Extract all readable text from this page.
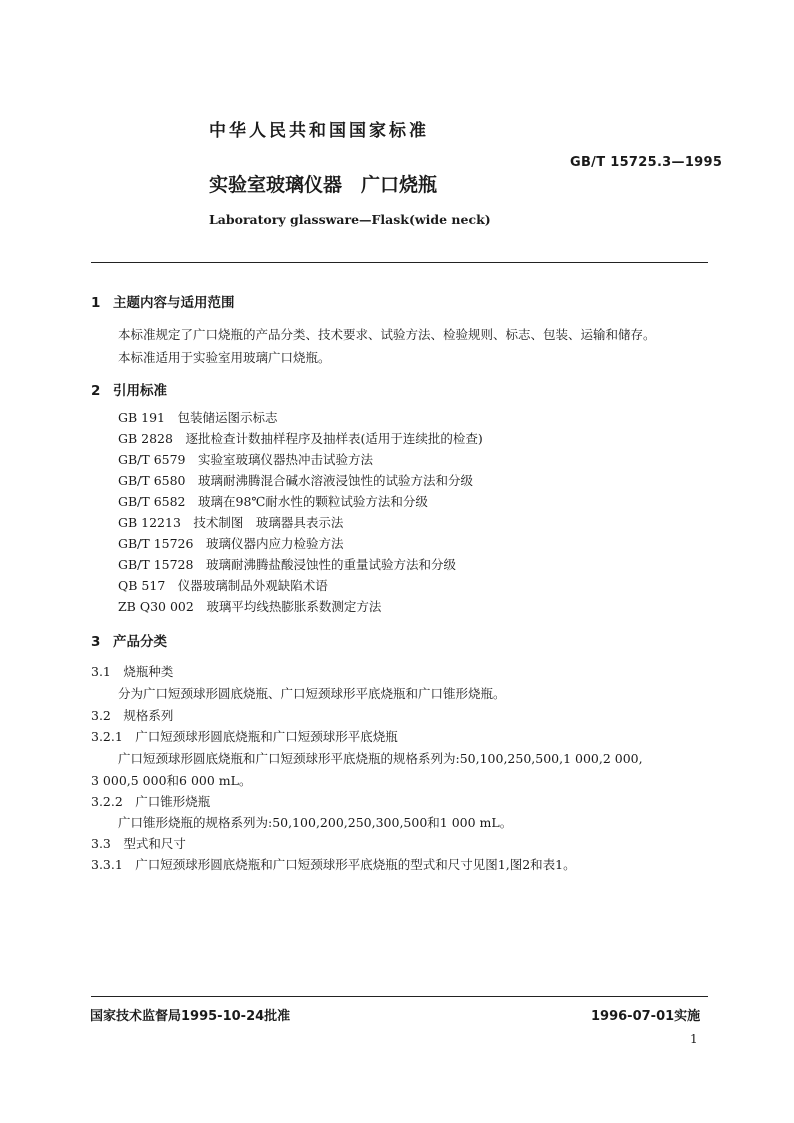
中华人民共和国国家标准
GB/T 15725.3—1995
实验室玻璃仪器　广口烧瓶
Laboratory glassware—Flask(wide neck)
1 主题内容与适用范围
本标准规定了广口烧瓶的产品分类、技术要求、试验方法、检验规则、标志、包装、运输和储存。
本标准适用于实验室用玻璃广口烧瓶。
2 引用标准
GB 191　包装储运图示标志
GB 2828　逐批检查计数抽样程序及抽样表(适用于连续批的检查)
GB/T 6579　实验室玻璃仪器热冲击试验方法
GB/T 6580　玻璃耐沸腾混合碱水溶液浸蚀性的试验方法和分级
GB/T 6582　玻璃在98℃耐水性的颗粒试验方法和分级
GB 12213　技术制图　玻璃器具表示法
GB/T 15726　玻璃仪器内应力检验方法
GB/T 15728　玻璃耐沸腾盐酸浸蚀性的重量试验方法和分级
QB 517　仪器玻璃制品外观缺陷术语
ZB Q30 002　玻璃平均线热膨胀系数测定方法
3 产品分类
3.1　烧瓶种类
分为广口短颈球形圆底烧瓶、广口短颈球形平底烧瓶和广口锥形烧瓶。
3.2　规格系列
3.2.1　广口短颈球形圆底烧瓶和广口短颈球形平底烧瓶
广口短颈球形圆底烧瓶和广口短颈球形平底烧瓶的规格系列为:50,100,250,500,1 000,2 000,
3 000,5 000和6 000 mL。
3.2.2　广口锥形烧瓶
广口锥形烧瓶的规格系列为:50,100,200,250,300,500和1 000 mL。
3.3　型式和尺寸
3.3.1　广口短颈球形圆底烧瓶和广口短颈球形平底烧瓶的型式和尺寸见图1,图2和表1。
国家技术监督局1995-10-24批准	1996-07-01实施
1
